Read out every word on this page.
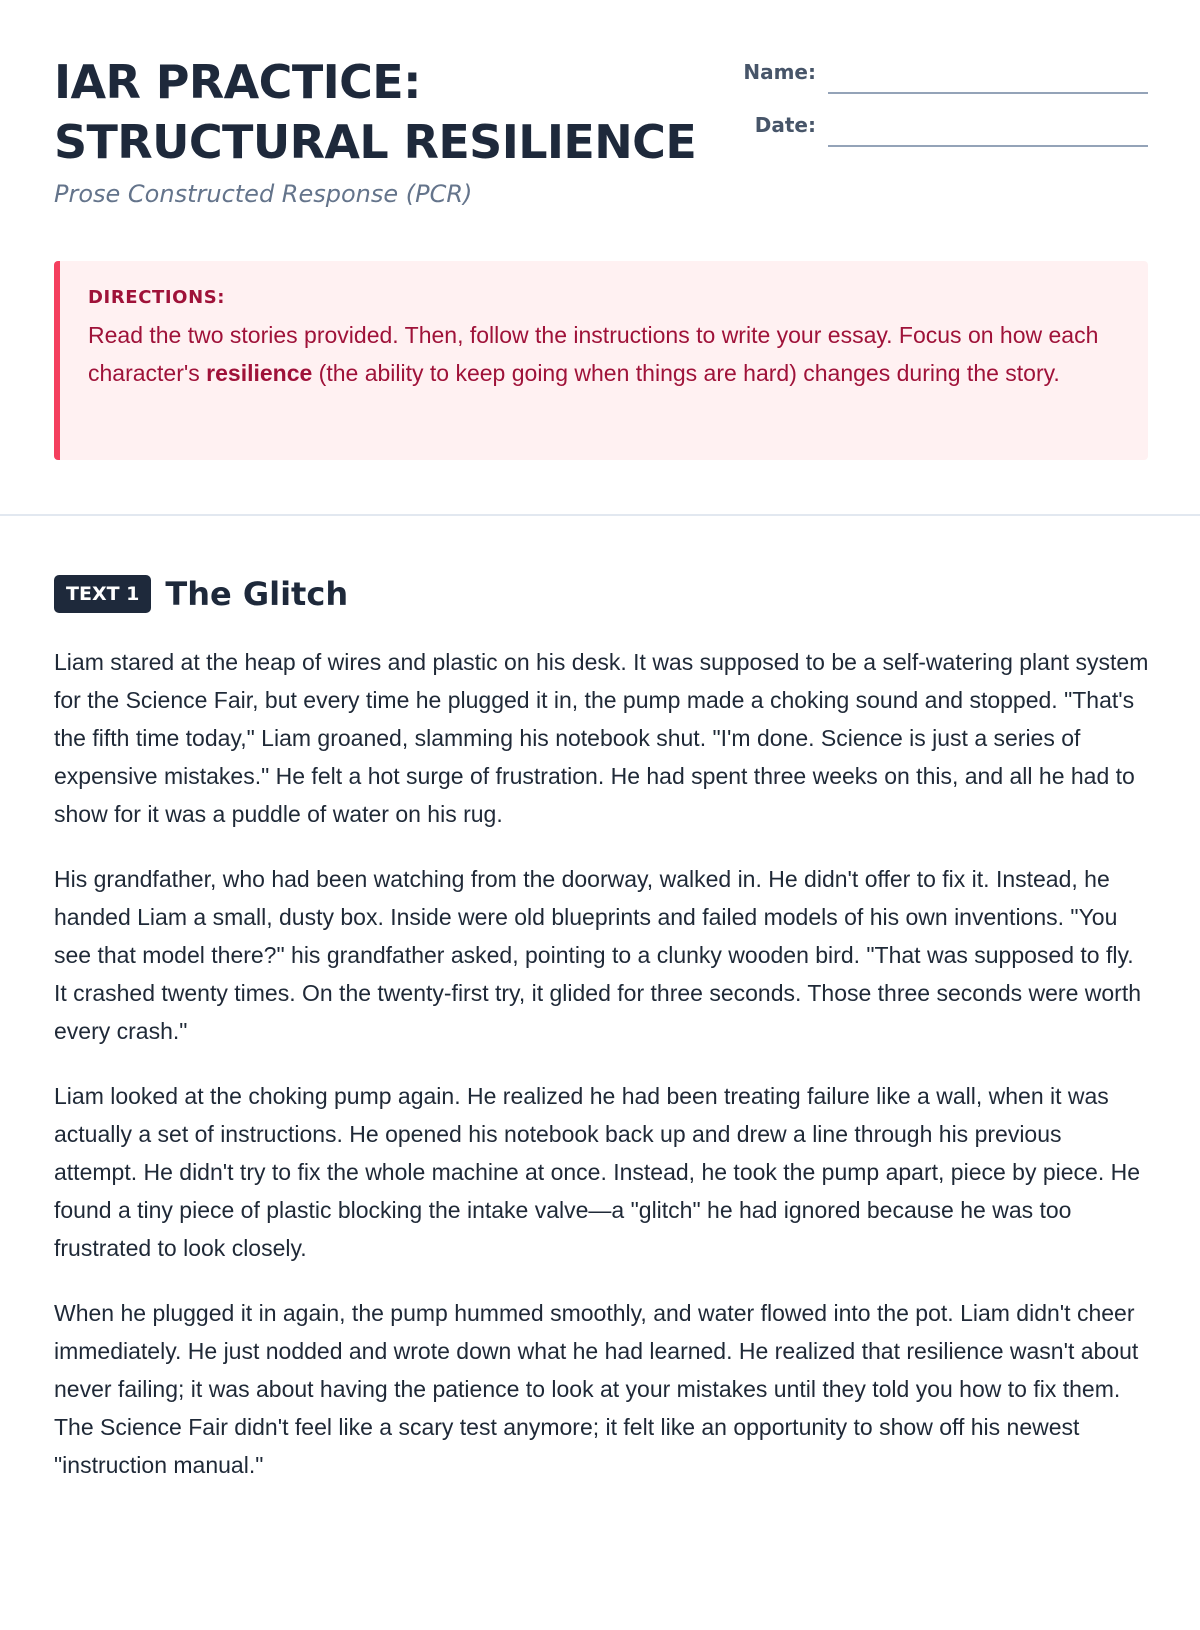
IAR PRACTICE:
STRUCTURAL RESILIENCE
Prose Constructed Response (PCR)
Name:
Date:
DIRECTIONS:
Read the two stories provided. Then, follow the instructions to write your essay. Focus on how each character's resilience (the ability to keep going when things are hard) changes during the story.
TEXT 1 The Glitch

Liam stared at the heap of wires and plastic on his desk. It was supposed to be a self-watering plant system for the Science Fair, but every time he plugged it in, the pump made a choking sound and stopped. "That's the fifth time today," Liam groaned, slamming his notebook shut. "I'm done. Science is just a series of expensive mistakes." He felt a hot surge of frustration. He had spent three weeks on this, and all he had to show for it was a puddle of water on his rug.

His grandfather, who had been watching from the doorway, walked in. He didn't offer to fix it. Instead, he handed Liam a small, dusty box. Inside were old blueprints and failed models of his own inventions. "You see that model there?" his grandfather asked, pointing to a clunky wooden bird. "That was supposed to fly. It crashed twenty times. On the twenty-first try, it glided for three seconds. Those three seconds were worth every crash."

Liam looked at the choking pump again. He realized he had been treating failure like a wall, when it was actually a set of instructions. He opened his notebook back up and drew a line through his previous attempt. He didn't try to fix the whole machine at once. Instead, he took the pump apart, piece by piece. He found a tiny piece of plastic blocking the intake valve—a "glitch" he had ignored because he was too frustrated to look closely.

When he plugged it in again, the pump hummed smoothly, and water flowed into the pot. Liam didn't cheer immediately. He just nodded and wrote down what he had learned. He realized that resilience wasn't about never failing; it was about having the patience to look at your mistakes until they told you how to fix them. The Science Fair didn't feel like a scary test anymore; it felt like an opportunity to show off his newest "instruction manual."
